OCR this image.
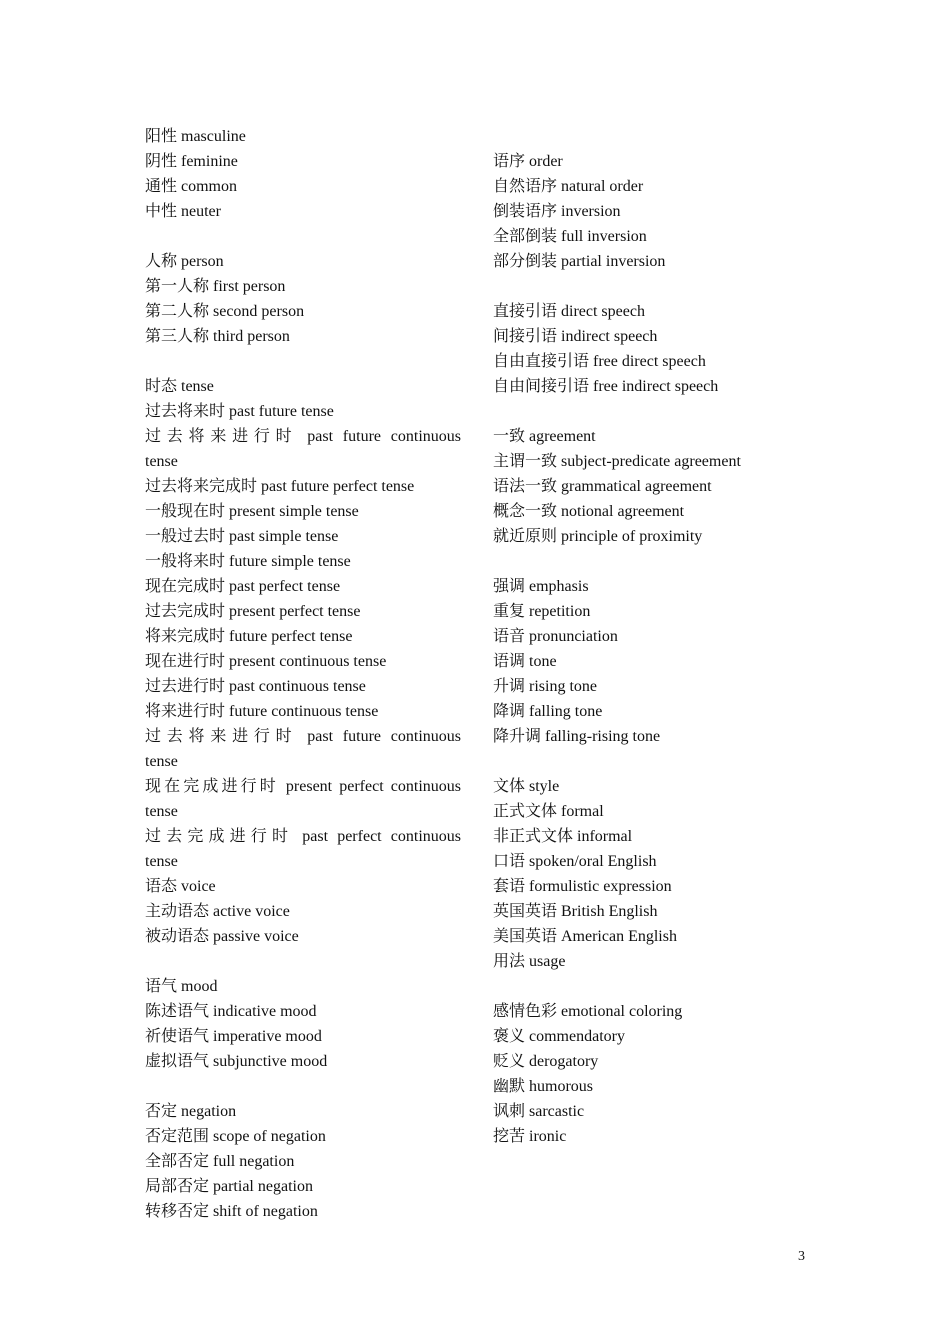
阳性 masculine
阴性 feminine
通性 common
中性 neuter
人称 person
第一人称 first person
第二人称 second person
第三人称 third person
时态 tense
过去将来时 past future tense
过去将来进行时 past future continuous
tense
过去将来完成时 past future perfect tense
一般现在时 present simple tense
一般过去时 past simple tense
一般将来时 future simple tense
现在完成时 past perfect tense
过去完成时 present perfect tense
将来完成时 future perfect tense
现在进行时 present continuous tense
过去进行时 past continuous tense
将来进行时 future continuous tense
过去将来进行时 past future continuous
tense
现在完成进行时 present perfect continuous
tense
过去完成进行时 past perfect continuous
tense
语态 voice
主动语态 active voice
被动语态 passive voice
语气 mood
陈述语气 indicative mood
祈使语气 imperative mood
虚拟语气 subjunctive mood
否定 negation
否定范围 scope of negation
全部否定 full negation
局部否定 partial negation
转移否定 shift of negation
语序 order
自然语序 natural order
倒装语序 inversion
全部倒装 full inversion
部分倒装 partial inversion
直接引语 direct speech
间接引语 indirect speech
自由直接引语 free direct speech
自由间接引语 free indirect speech
一致 agreement
主谓一致 subject-predicate agreement
语法一致 grammatical agreement
概念一致 notional agreement
就近原则 principle of proximity
强调 emphasis
重复 repetition
语音 pronunciation
语调 tone
升调 rising tone
降调 falling tone
降升调 falling-rising tone
文体 style
正式文体 formal
非正式文体 informal
口语 spoken/oral English
套语 formulistic expression
英国英语 British English
美国英语 American English
用法 usage
感情色彩 emotional coloring
褒义 commendatory
贬义 derogatory
幽默 humorous
讽刺 sarcastic
挖苦 ironic
3
